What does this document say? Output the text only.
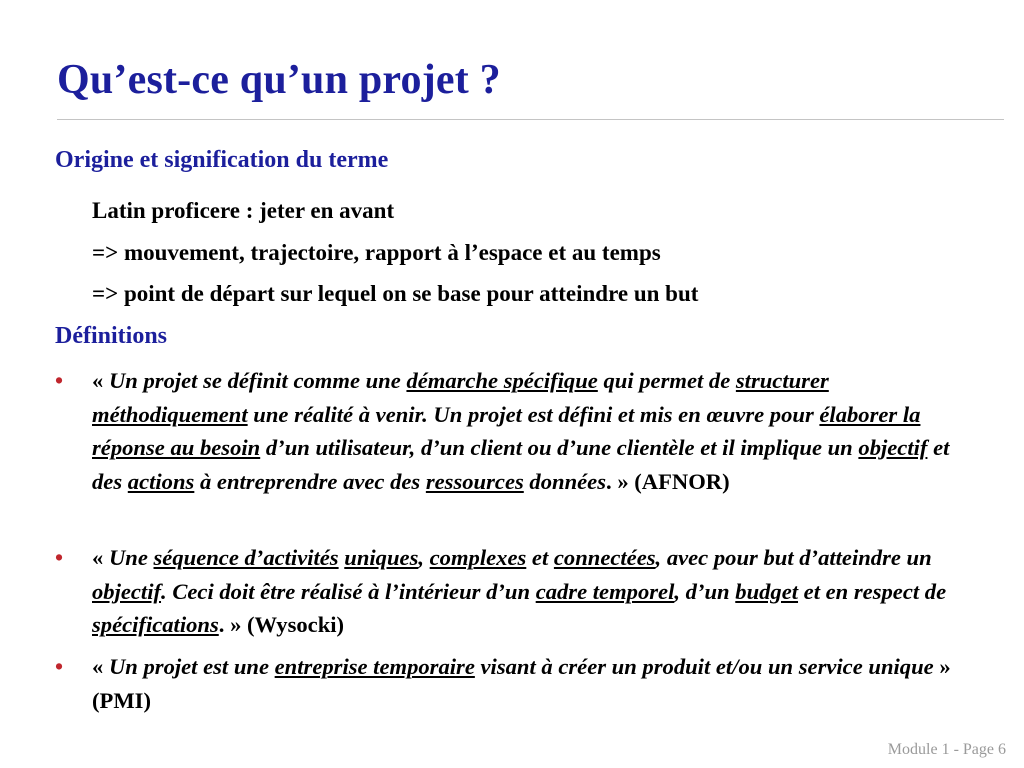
Qu’est-ce qu’un projet ?
Origine et signification du terme
Latin proficere : jeter en avant
=> mouvement, trajectoire, rapport à l’espace et au temps
=> point de départ sur lequel on se base pour atteindre un but
Définitions
• « Un projet se définit comme une démarche spécifique qui permet de structurer méthodiquement une réalité à venir. Un projet est défini et mis en œuvre pour élaborer la réponse au besoin d’un utilisateur, d’un client ou d’une clientèle et il implique un objectif et des actions à entreprendre avec des ressources données. » (AFNOR)
• « Une séquence d’activités uniques, complexes et connectées, avec pour but d’atteindre un objectif. Ceci doit être réalisé à l’intérieur d’un cadre temporel, d’un budget et en respect de spécifications. » (Wysocki)
• « Un projet est une entreprise temporaire visant à créer un produit et/ou un service unique » (PMI)
Module 1 - Page 6
